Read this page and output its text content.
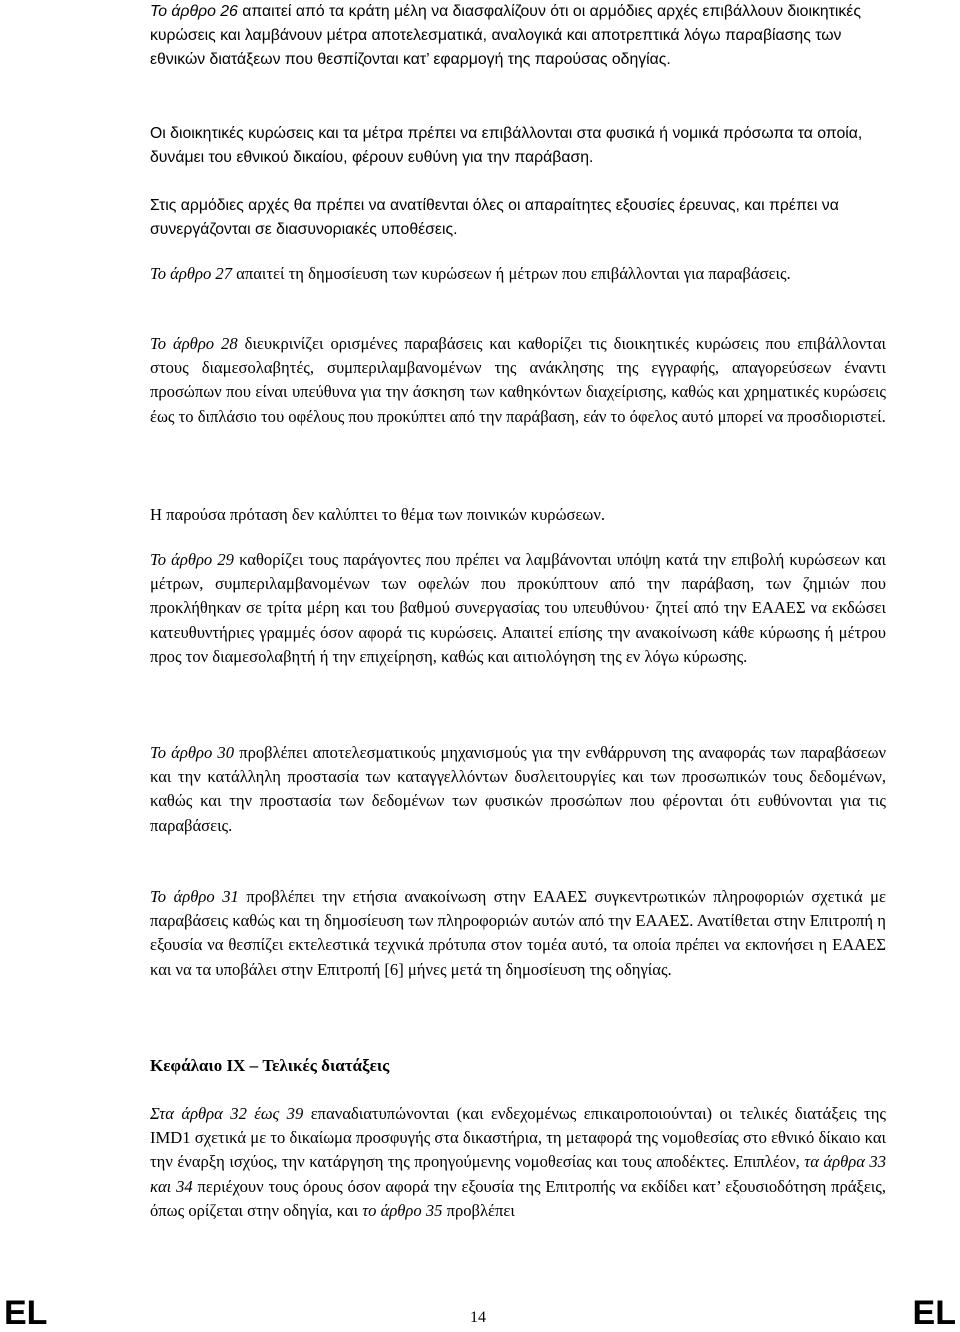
Το άρθρο 26 απαιτεί από τα κράτη μέλη να διασφαλίζουν ότι οι αρμόδιες αρχές επιβάλλουν διοικητικές κυρώσεις και λαμβάνουν μέτρα αποτελεσματικά, αναλογικά και αποτρεπτικά λόγω παραβίασης των εθνικών διατάξεων που θεσπίζονται κατ’ εφαρμογή της παρούσας οδηγίας.

Οι διοικητικές κυρώσεις και τα μέτρα πρέπει να επιβάλλονται στα φυσικά ή νομικά πρόσωπα τα οποία, δυνάμει του εθνικού δικαίου, φέρουν ευθύνη για την παράβαση.

Στις αρμόδιες αρχές θα πρέπει να ανατίθενται όλες οι απαραίτητες εξουσίες έρευνας, και πρέπει να συνεργάζονται σε διασυνοριακές υποθέσεις.

Το άρθρο 27 απαιτεί τη δημοσίευση των κυρώσεων ή μέτρων που επιβάλλονται για παραβάσεις.

Το άρθρο 28 διευκρινίζει ορισμένες παραβάσεις και καθορίζει τις διοικητικές κυρώσεις που επιβάλλονται στους διαμεσολαβητές, συμπεριλαμβανομένων της ανάκλησης της εγγραφής, απαγορεύσεων έναντι προσώπων που είναι υπεύθυνα για την άσκηση των καθηκόντων διαχείρισης, καθώς και χρηματικές κυρώσεις έως το διπλάσιο του οφέλους που προκύπτει από την παράβαση, εάν το όφελος αυτό μπορεί να προσδιοριστεί.

Η παρούσα πρόταση δεν καλύπτει το θέμα των ποινικών κυρώσεων.

Το άρθρο 29 καθορίζει τους παράγοντες που πρέπει να λαμβάνονται υπόψη κατά την επιβολή κυρώσεων και μέτρων, συμπεριλαμβανομένων των οφελών που προκύπτουν από την παράβαση, των ζημιών που προκλήθηκαν σε τρίτα μέρη και του βαθμού συνεργασίας του υπευθύνου· ζητεί από την ΕΑΑΕΣ να εκδώσει κατευθυντήριες γραμμές όσον αφορά τις κυρώσεις. Απαιτεί επίσης την ανακοίνωση κάθε κύρωσης ή μέτρου προς τον διαμεσολαβητή ή την επιχείρηση, καθώς και αιτιολόγηση της εν λόγω κύρωσης.

Το άρθρο 30 προβλέπει αποτελεσματικούς μηχανισμούς για την ενθάρρυνση της αναφοράς των παραβάσεων και την κατάλληλη προστασία των καταγγελλόντων δυσλειτουργίες και των προσωπικών τους δεδομένων, καθώς και την προστασία των δεδομένων των φυσικών προσώπων που φέρονται ότι ευθύνονται για τις παραβάσεις.

Το άρθρο 31 προβλέπει την ετήσια ανακοίνωση στην ΕΑΑΕΣ συγκεντρωτικών πληροφοριών σχετικά με παραβάσεις καθώς και τη δημοσίευση των πληροφοριών αυτών από την ΕΑΑΕΣ. Ανατίθεται στην Επιτροπή η εξουσία να θεσπίζει εκτελεστικά τεχνικά πρότυπα στον τομέα αυτό, τα οποία πρέπει να εκπονήσει η ΕΑΑΕΣ και να τα υποβάλει στην Επιτροπή [6] μήνες μετά τη δημοσίευση της οδηγίας.

Κεφάλαιο IX – Τελικές διατάξεις

Στα άρθρα 32 έως 39 επαναδιατυπώνονται (και ενδεχομένως επικαιροποιούνται) οι τελικές διατάξεις της IMD1 σχετικά με το δικαίωμα προσφυγής στα δικαστήρια, τη μεταφορά της νομοθεσίας στο εθνικό δίκαιο και την έναρξη ισχύος, την κατάργηση της προηγούμενης νομοθεσίας και τους αποδέκτες. Επιπλέον, τα άρθρα 33 και 34 περιέχουν τους όρους όσον αφορά την εξουσία της Επιτροπής να εκδίδει κατ’ εξουσιοδότηση πράξεις, όπως ορίζεται στην οδηγία, και το άρθρο 35 προβλέπει

EL	14	EL
